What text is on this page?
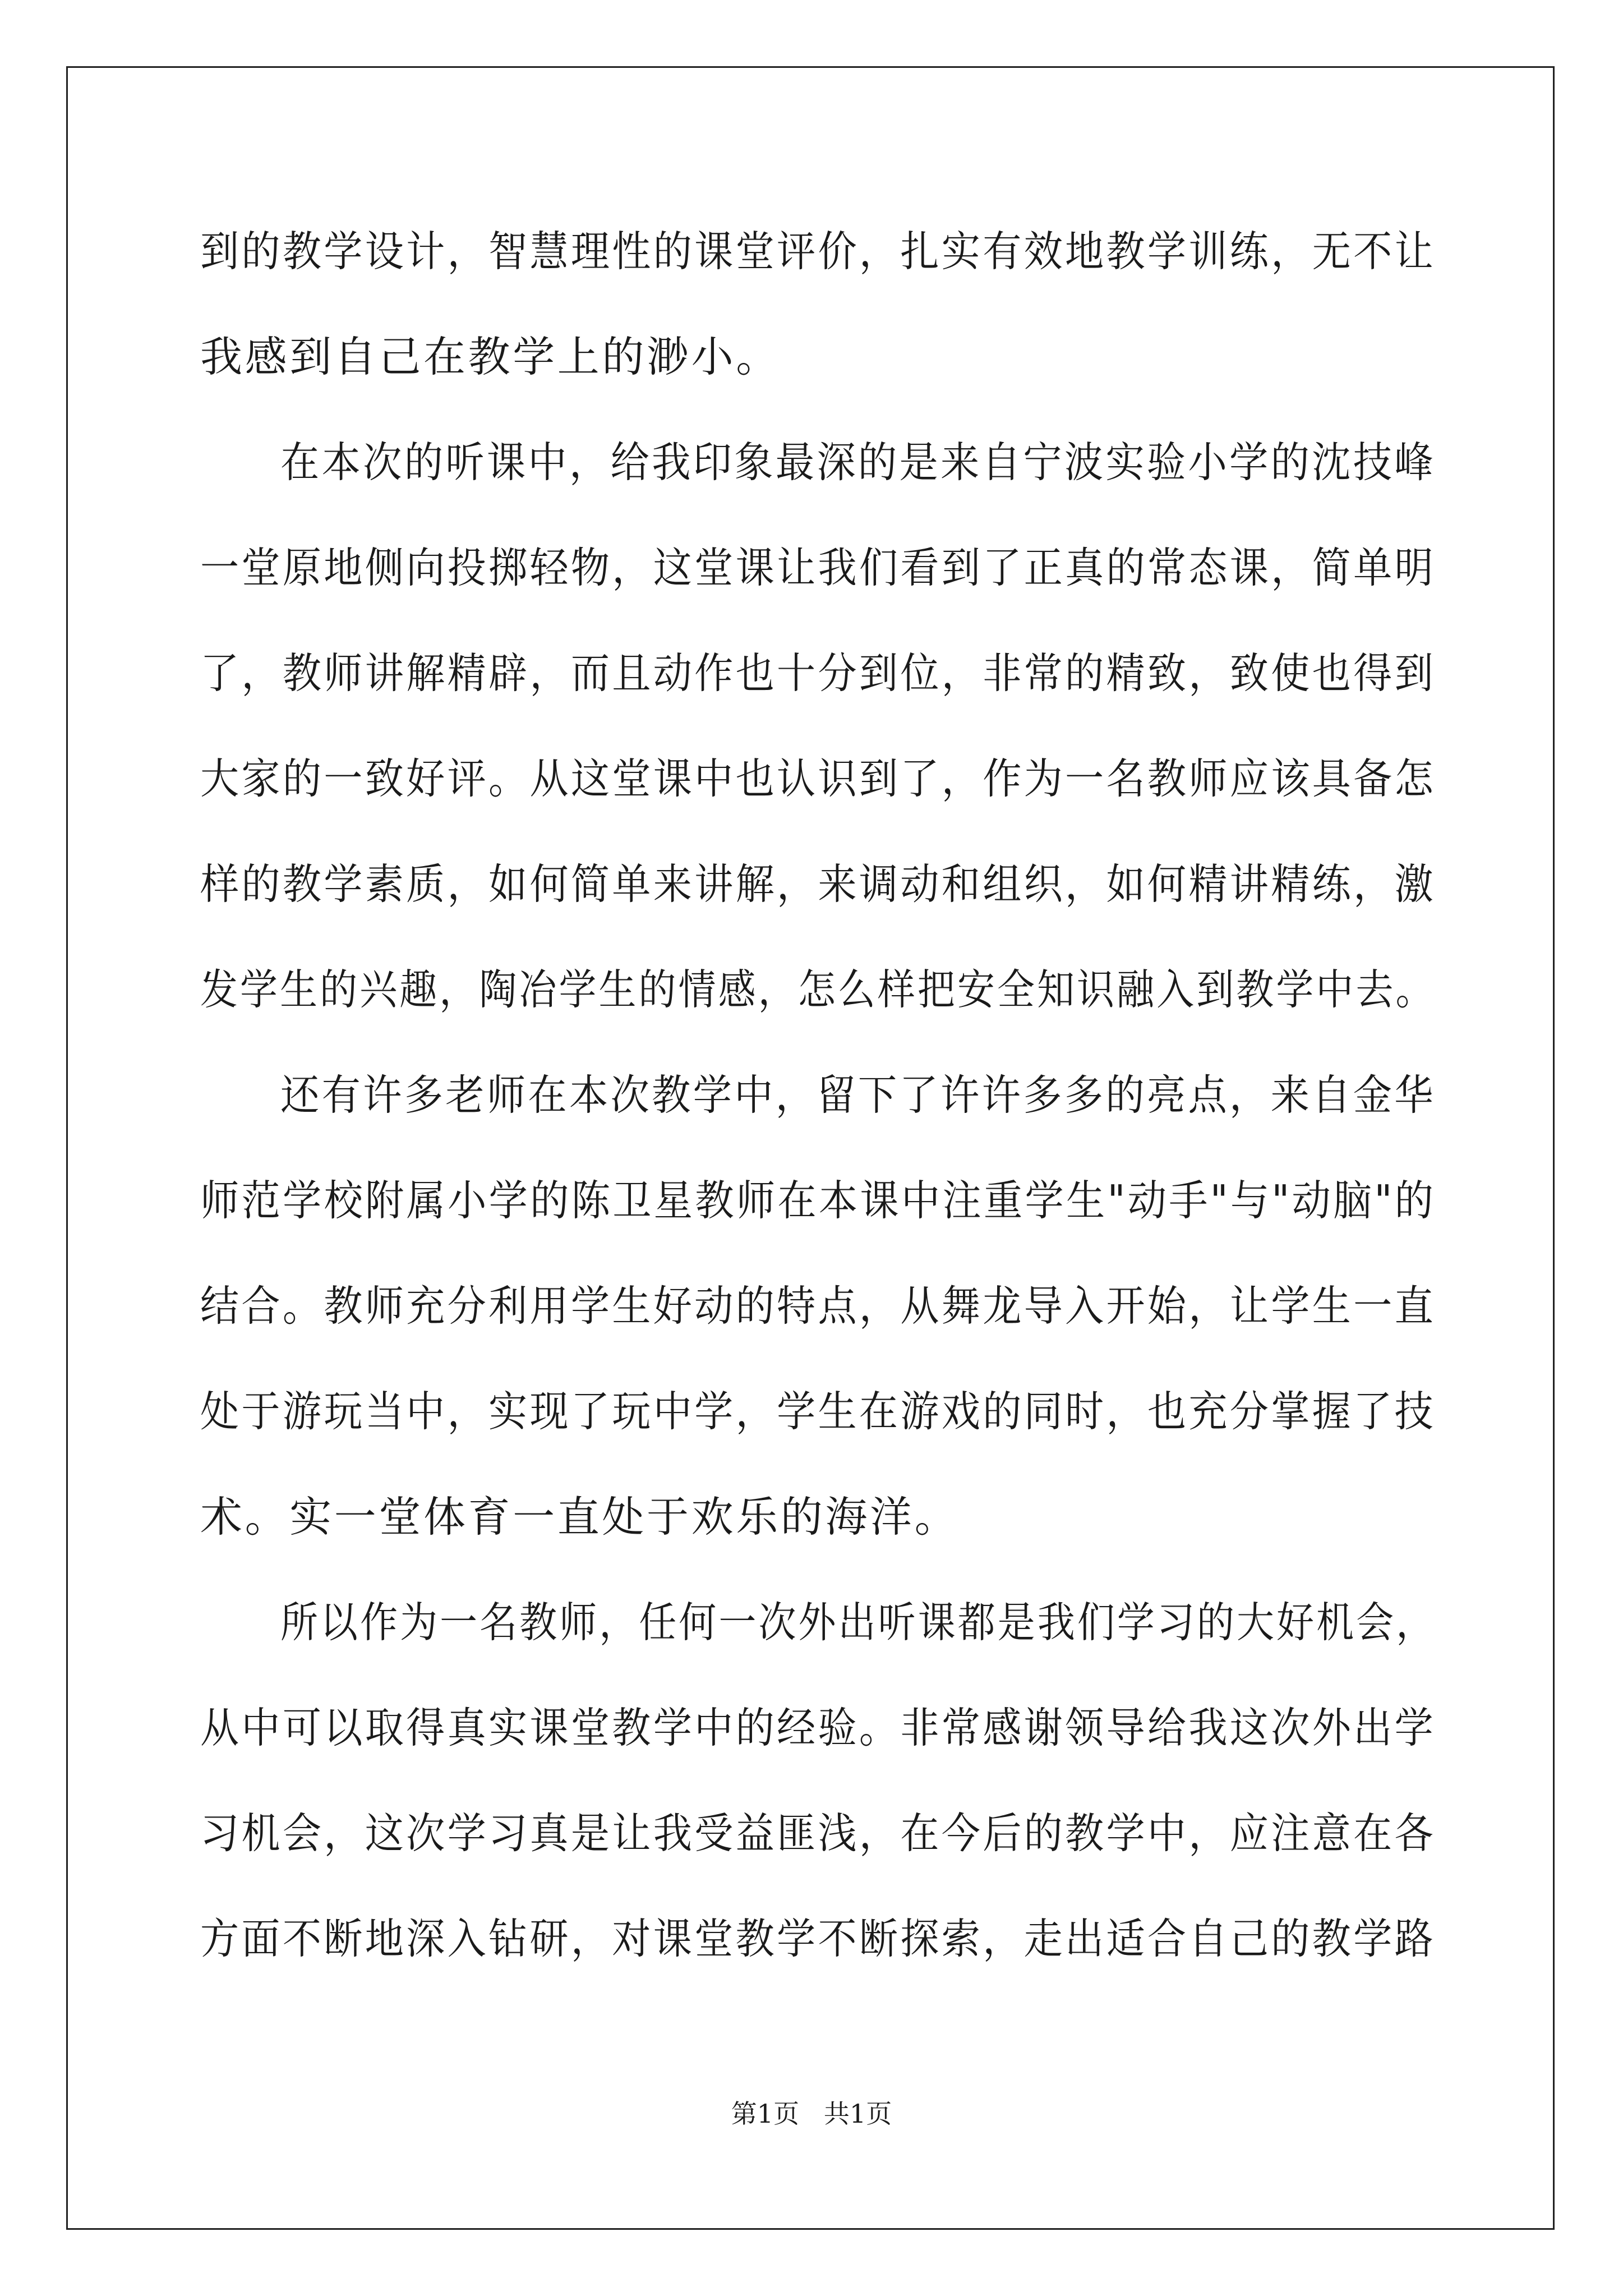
到的教学设计，智慧理性的课堂评价，扎实有效地教学训练，无不让
我感到自己在教学上的渺小。
在本次的听课中，给我印象最深的是来自宁波实验小学的沈技峰
一堂原地侧向投掷轻物，这堂课让我们看到了正真的常态课，简单明
了，教师讲解精辟，而且动作也十分到位，非常的精致，致使也得到
大家的一致好评。从这堂课中也认识到了，作为一名教师应该具备怎
样的教学素质，如何简单来讲解，来调动和组织，如何精讲精练，激
发学生的兴趣，陶冶学生的情感，怎么样把安全知识融入到教学中去。
还有许多老师在本次教学中，留下了许许多多的亮点，来自金华
师范学校附属小学的陈卫星教师在本课中注重学生"动手"与"动脑"的
结合。教师充分利用学生好动的特点，从舞龙导入开始，让学生一直
处于游玩当中，实现了玩中学，学生在游戏的同时，也充分掌握了技
术。实一堂体育一直处于欢乐的海洋。
所以作为一名教师，任何一次外出听课都是我们学习的大好机会，
从中可以取得真实课堂教学中的经验。非常感谢领导给我这次外出学
习机会，这次学习真是让我受益匪浅，在今后的教学中，应注意在各
方面不断地深入钻研，对课堂教学不断探索，走出适合自己的教学路
第1页   共1页
